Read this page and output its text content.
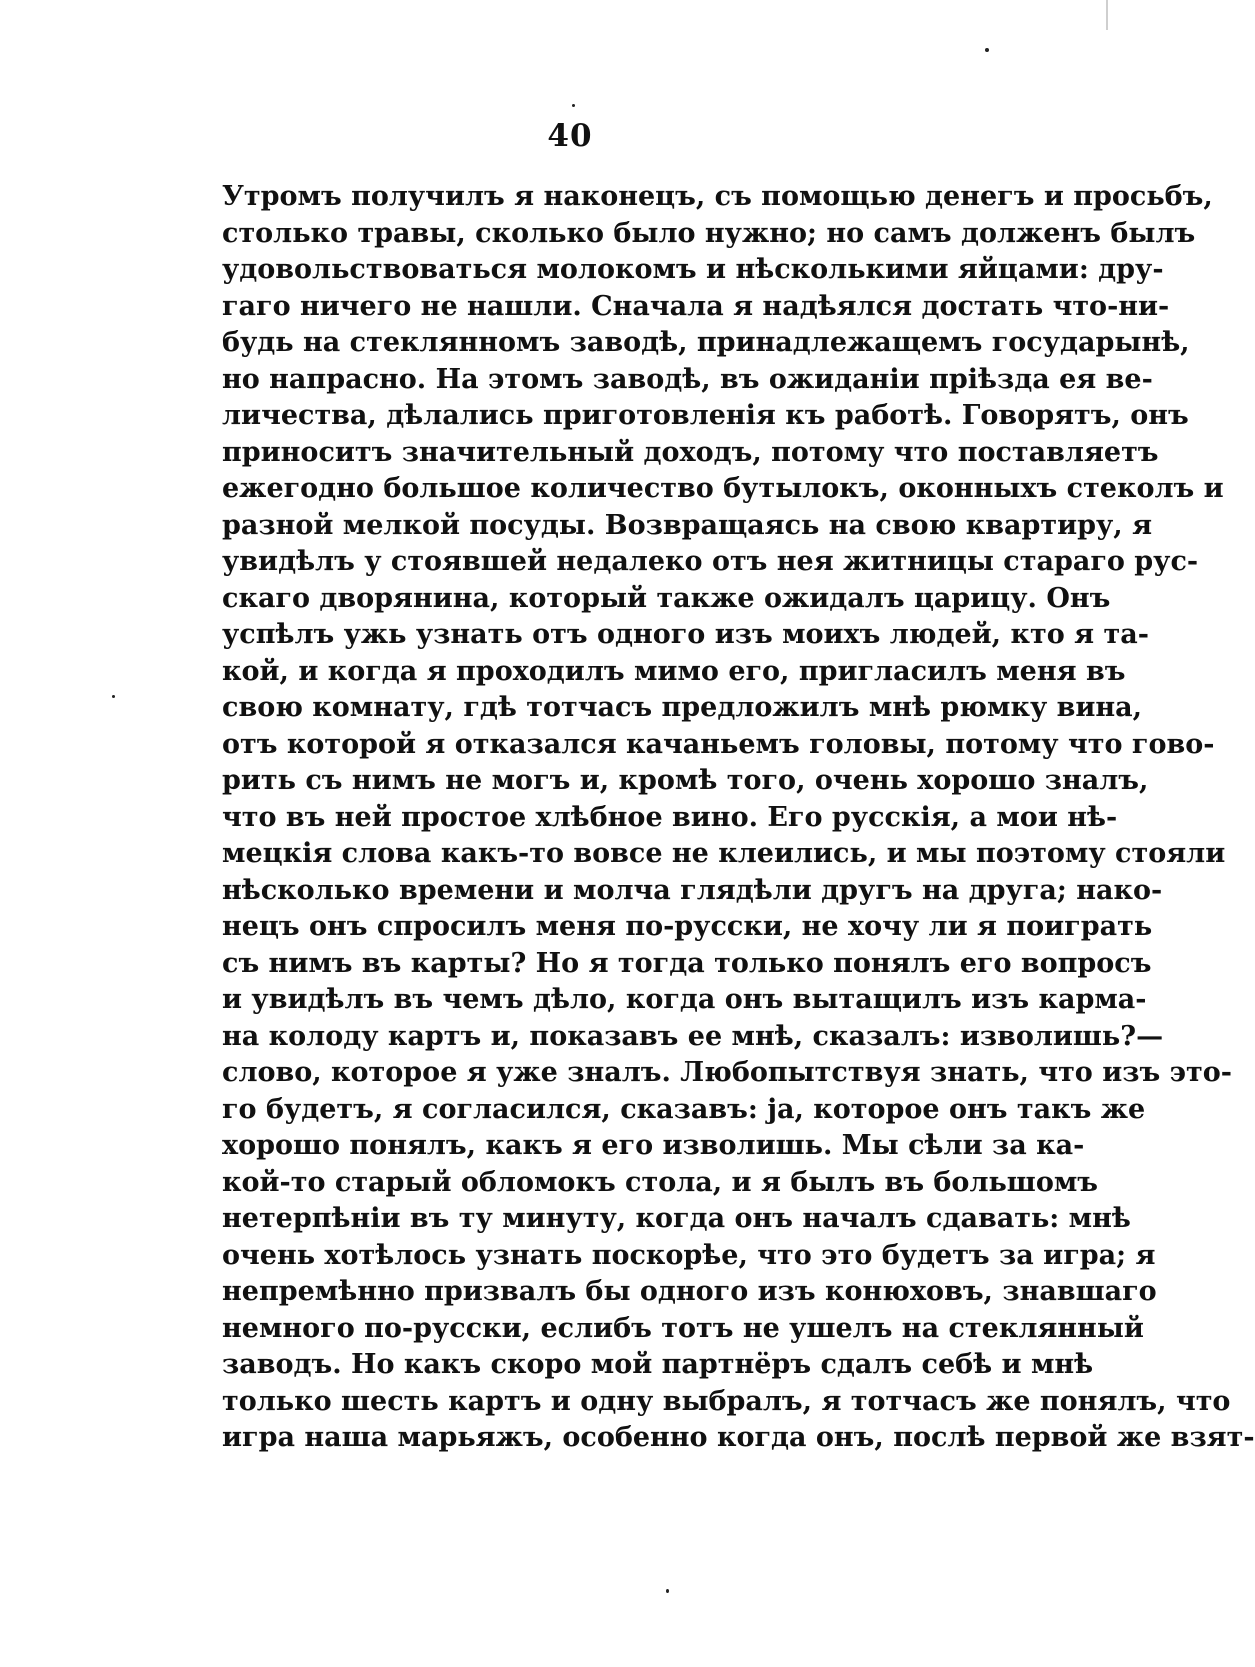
40
Утромъ получилъ я наконецъ, съ помощью денегъ и просьбъ,
столько травы, сколько было нужно; но самъ долженъ былъ
удовольствоваться молокомъ и нѣсколькими яйцами: дру-
гаго ничего не нашли. Сначала я надѣялся достать что-ни-
будь на стеклянномъ заводѣ, принадлежащемъ государынѣ,
но напрасно. На этомъ заводѣ, въ ожиданіи прiѣзда ея ве-
личества, дѣлались приготовленія къ работѣ. Говорятъ, онъ
приноситъ значительный доходъ, потому что поставляетъ
ежегодно большое количество бутылокъ, оконныхъ стеколъ и
разной мелкой посуды. Возвращаясь на свою квартиру, я
увидѣлъ у стоявшей недалеко отъ нея житницы стараго рус-
скаго дворянина, который также ожидалъ царицу. Онъ
успѣлъ ужь узнать отъ одного изъ моихъ людей, кто я та-
кой, и когда я проходилъ мимо его, пригласилъ меня въ
свою комнату, гдѣ тотчасъ предложилъ мнѣ рюмку вина,
отъ которой я отказался качаньемъ головы, потому что гово-
рить съ нимъ не могъ и, кромѣ того, очень хорошо зналъ,
что въ ней простое хлѣбное вино. Его русскія, а мои нѣ-
мецкія слова какъ-то вовсе не клеились, и мы поэтому стояли
нѣсколько времени и молча глядѣли другъ на друга; нако-
нецъ онъ спросилъ меня по-русски, не хочу ли я поиграть
съ нимъ въ карты? Но я тогда только понялъ его вопросъ
и увидѣлъ въ чемъ дѣло, когда онъ вытащилъ изъ карма-
на колоду картъ и, показавъ ее мнѣ, сказалъ: изволишь?—
слово, которое я уже зналъ. Любопытствуя знать, что изъ это-
го будетъ, я согласился, сказавъ: ja, которое онъ такъ же
хорошо понялъ, какъ я его изволишь. Мы сѣли за ка-
кой-то старый обломокъ стола, и я былъ въ большомъ
нетерпѣніи въ ту минуту, когда онъ началъ сдавать: мнѣ
очень хотѣлось узнать поскорѣе, что это будетъ за игра; я
непремѣнно призвалъ бы одного изъ конюховъ, знавшаго
немного по-русски, еслибъ тотъ не ушелъ на стеклянный
заводъ. Но какъ скоро мой партнёръ сдалъ себѣ и мнѣ
только шесть картъ и одну выбралъ, я тотчасъ же понялъ, что
игра наша марьяжъ, особенно когда онъ, послѣ первой же взят-
